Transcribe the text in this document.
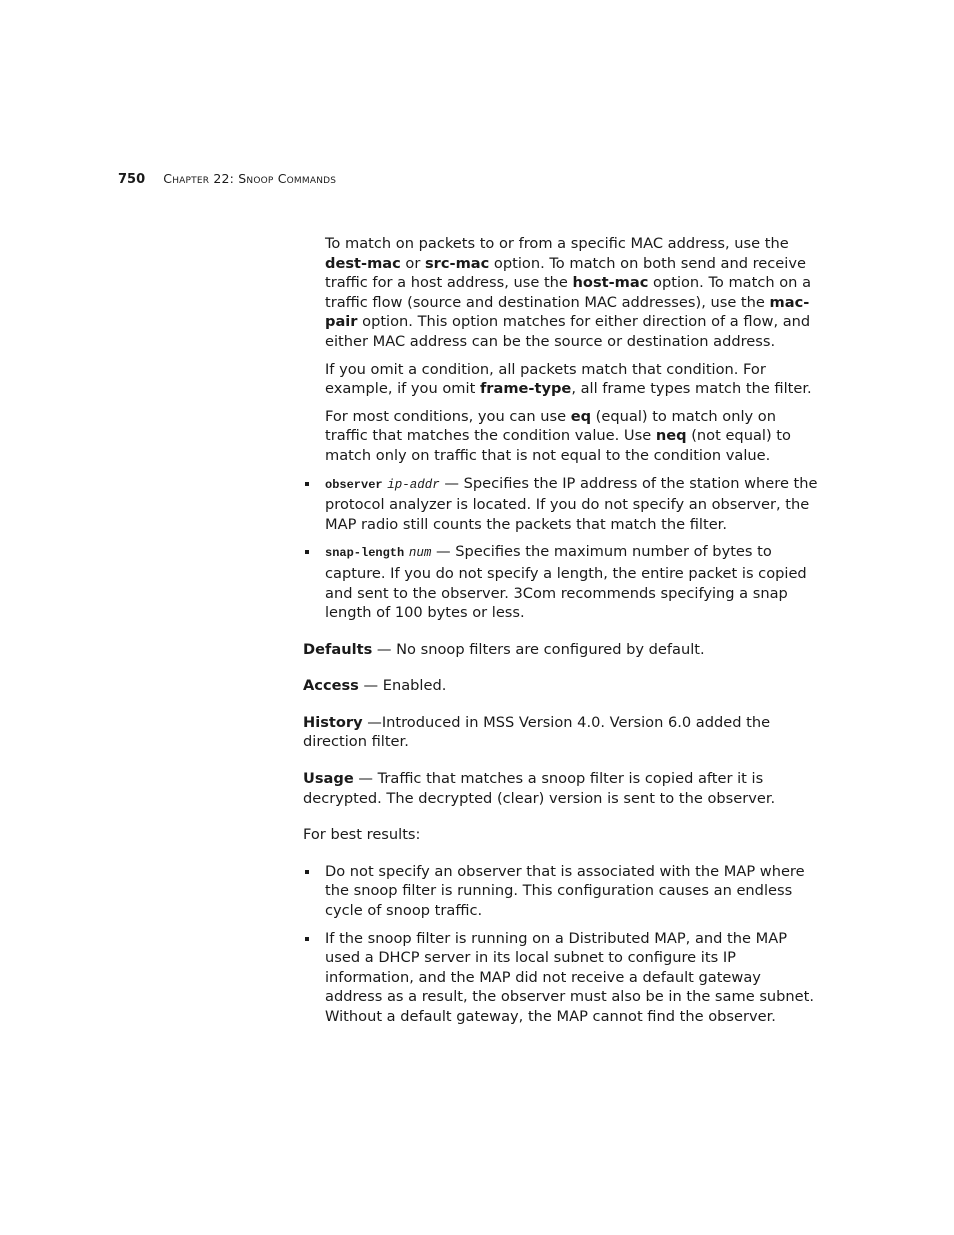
750 Chapter 22: Snoop Commands

To match on packets to or from a specific MAC address, use the dest-mac or src-mac option. To match on both send and receive traffic for a host address, use the host-mac option. To match on a traffic flow (source and destination MAC addresses), use the mac-pair option. This option matches for either direction of a flow, and either MAC address can be the source or destination address.

If you omit a condition, all packets match that condition. For example, if you omit frame-type, all frame types match the filter.

For most conditions, you can use eq (equal) to match only on traffic that matches the condition value. Use neq (not equal) to match only on traffic that is not equal to the condition value.

observer ip-addr — Specifies the IP address of the station where the protocol analyzer is located. If you do not specify an observer, the MAP radio still counts the packets that match the filter.

snap-length num — Specifies the maximum number of bytes to capture. If you do not specify a length, the entire packet is copied and sent to the observer. 3Com recommends specifying a snap length of 100 bytes or less.

Defaults — No snoop filters are configured by default.

Access — Enabled.

History —Introduced in MSS Version 4.0. Version 6.0 added the direction filter.

Usage — Traffic that matches a snoop filter is copied after it is decrypted. The decrypted (clear) version is sent to the observer.

For best results:

Do not specify an observer that is associated with the MAP where the snoop filter is running. This configuration causes an endless cycle of snoop traffic.

If the snoop filter is running on a Distributed MAP, and the MAP used a DHCP server in its local subnet to configure its IP information, and the MAP did not receive a default gateway address as a result, the observer must also be in the same subnet. Without a default gateway, the MAP cannot find the observer.
